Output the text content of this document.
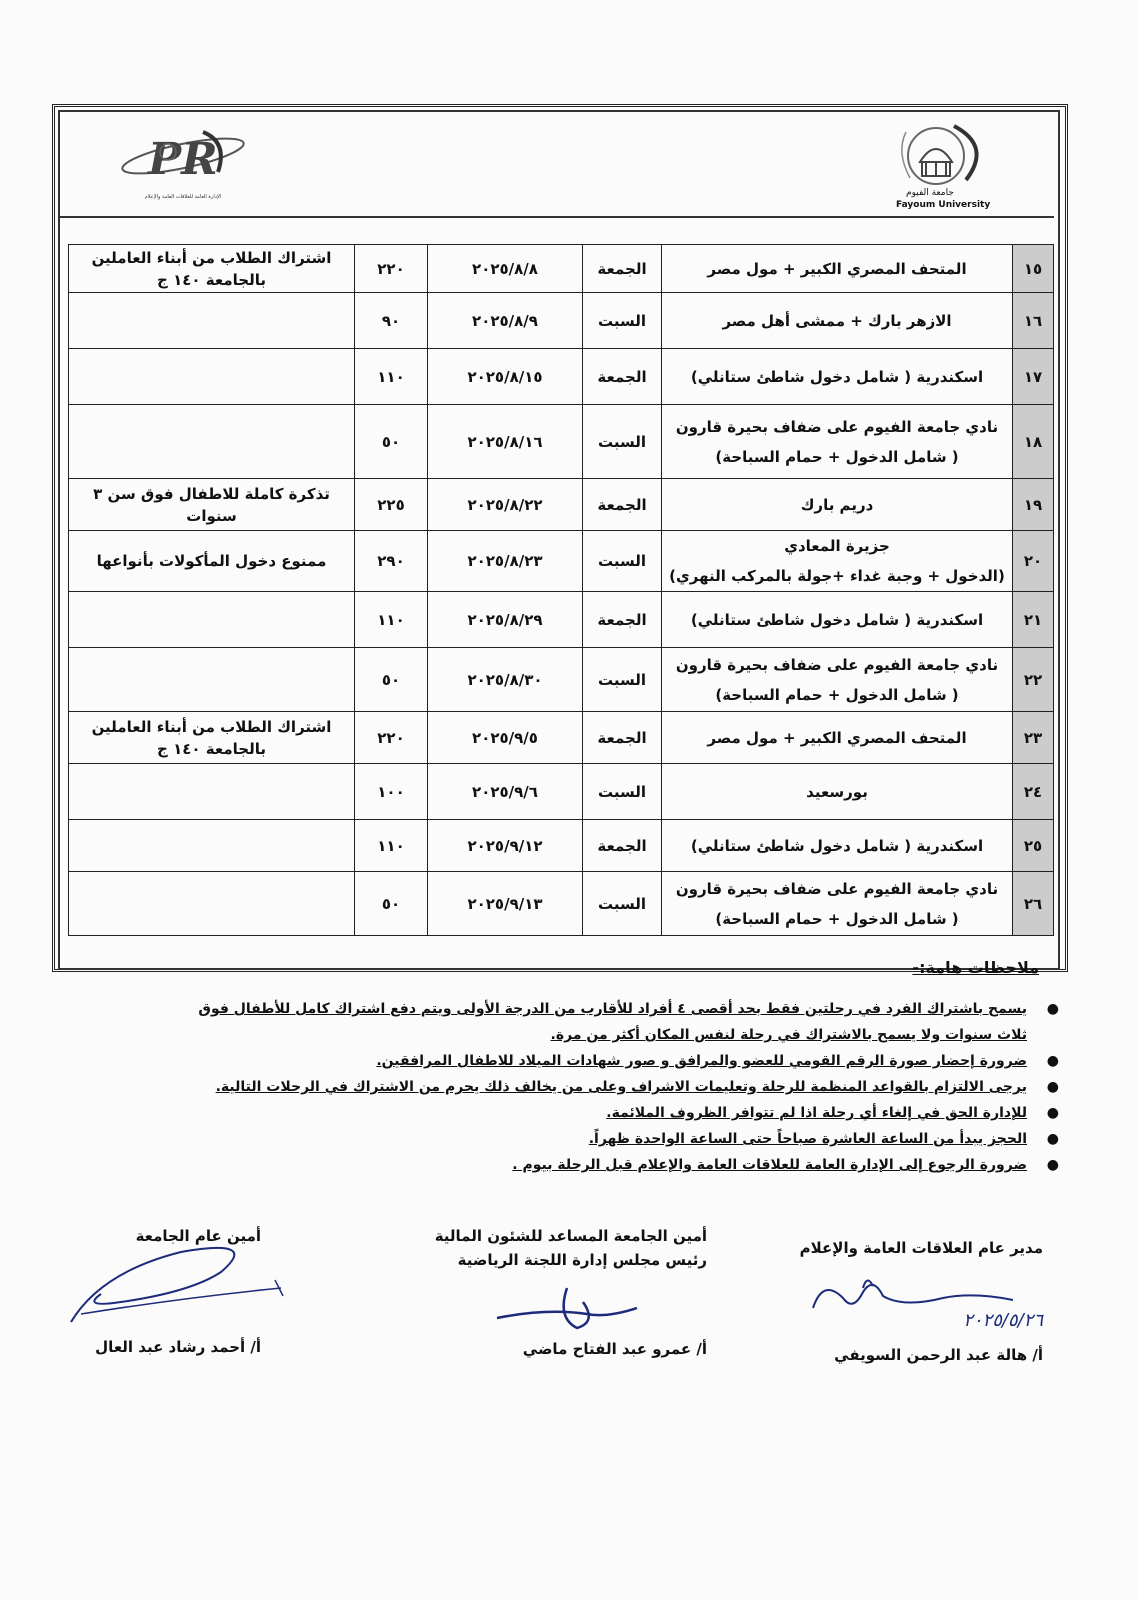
PR
الإدارة العامة للعلاقات العامة والإعلام	جامعة الفيوم
Fayoum University
١٥	المتحف المصري الكبير + مول مصر	الجمعة	٢٠٢٥/٨/٨	٢٢٠	اشتراك الطلاب من أبناء العاملين بالجامعة ١٤٠ ج
١٦	الازهر بارك + ممشى أهل مصر	السبت	٢٠٢٥/٨/٩	٩٠	
١٧	اسكندرية ( شامل دخول شاطئ ستانلي)	الجمعة	٢٠٢٥/٨/١٥	١١٠	
١٨	نادي جامعة الفيوم على ضفاف بحيرة قارون
( شامل الدخول + حمام السباحة)	السبت	٢٠٢٥/٨/١٦	٥٠	
١٩	دريم بارك	الجمعة	٢٠٢٥/٨/٢٢	٢٢٥	تذكرة كاملة للاطفال فوق سن ٣ سنوات
٢٠	جزيرة المعادي
(الدخول + وجبة غداء +جولة بالمركب النهري)	السبت	٢٠٢٥/٨/٢٣	٢٩٠	ممنوع دخول المأكولات بأنواعها
٢١	اسكندرية ( شامل دخول شاطئ ستانلي)	الجمعة	٢٠٢٥/٨/٢٩	١١٠	
٢٢	نادي جامعة الفيوم على ضفاف بحيرة قارون
( شامل الدخول + حمام السباحة)	السبت	٢٠٢٥/٨/٣٠	٥٠	
٢٣	المتحف المصري الكبير + مول مصر	الجمعة	٢٠٢٥/٩/٥	٢٢٠	اشتراك الطلاب من أبناء العاملين بالجامعة ١٤٠ ج
٢٤	بورسعيد	السبت	٢٠٢٥/٩/٦	١٠٠	
٢٥	اسكندرية ( شامل دخول شاطئ ستانلي)	الجمعة	٢٠٢٥/٩/١٢	١١٠	
٢٦	نادي جامعة الفيوم على ضفاف بحيرة قارون
( شامل الدخول + حمام السباحة)	السبت	٢٠٢٥/٩/١٣	٥٠	
ملاحظات هامة:-
●
يسمح باشتراك الفرد في رحلتين فقط بحد أقصى ٤ أفراد للأقارب من الدرجة الأولى ويتم دفع اشتراك كامل للأطفال فوق ثلاث سنوات ولا يسمح بالاشتراك في رحلة لنفس المكان أكثر من مرة.
●
ضرورة إحضار صورة الرقم القومي للعضو والمرافق و صور شهادات الميلاد للاطفال المرافقين.
●
يرجى الالتزام بالقواعد المنظمة للرحلة وتعليمات الاشراف وعلى من يخالف ذلك يحرم من الاشتراك في الرحلات التالية.
●
للإدارة الحق في إلغاء أي رحلة اذا لم تتوافر الظروف الملائمة.
●
الحجز يبدأ من الساعة العاشرة صباحاً حتى الساعة الواحدة ظهراً.
●
ضرورة الرجوع إلى الإدارة العامة للعلاقات العامة والإعلام قبل الرحلة بيوم .
مدير عام العلاقات العامة والإعلام
٢٠٢٥/٥/٢٦
أ/ هالة عبد الرحمن السويفي
أمين الجامعة المساعد للشئون المالية
رئيس مجلس إدارة اللجنة الرياضية
أ/ عمرو عبد الفتاح ماضي
أمين عام الجامعة
أ/ أحمد رشاد عبد العال
